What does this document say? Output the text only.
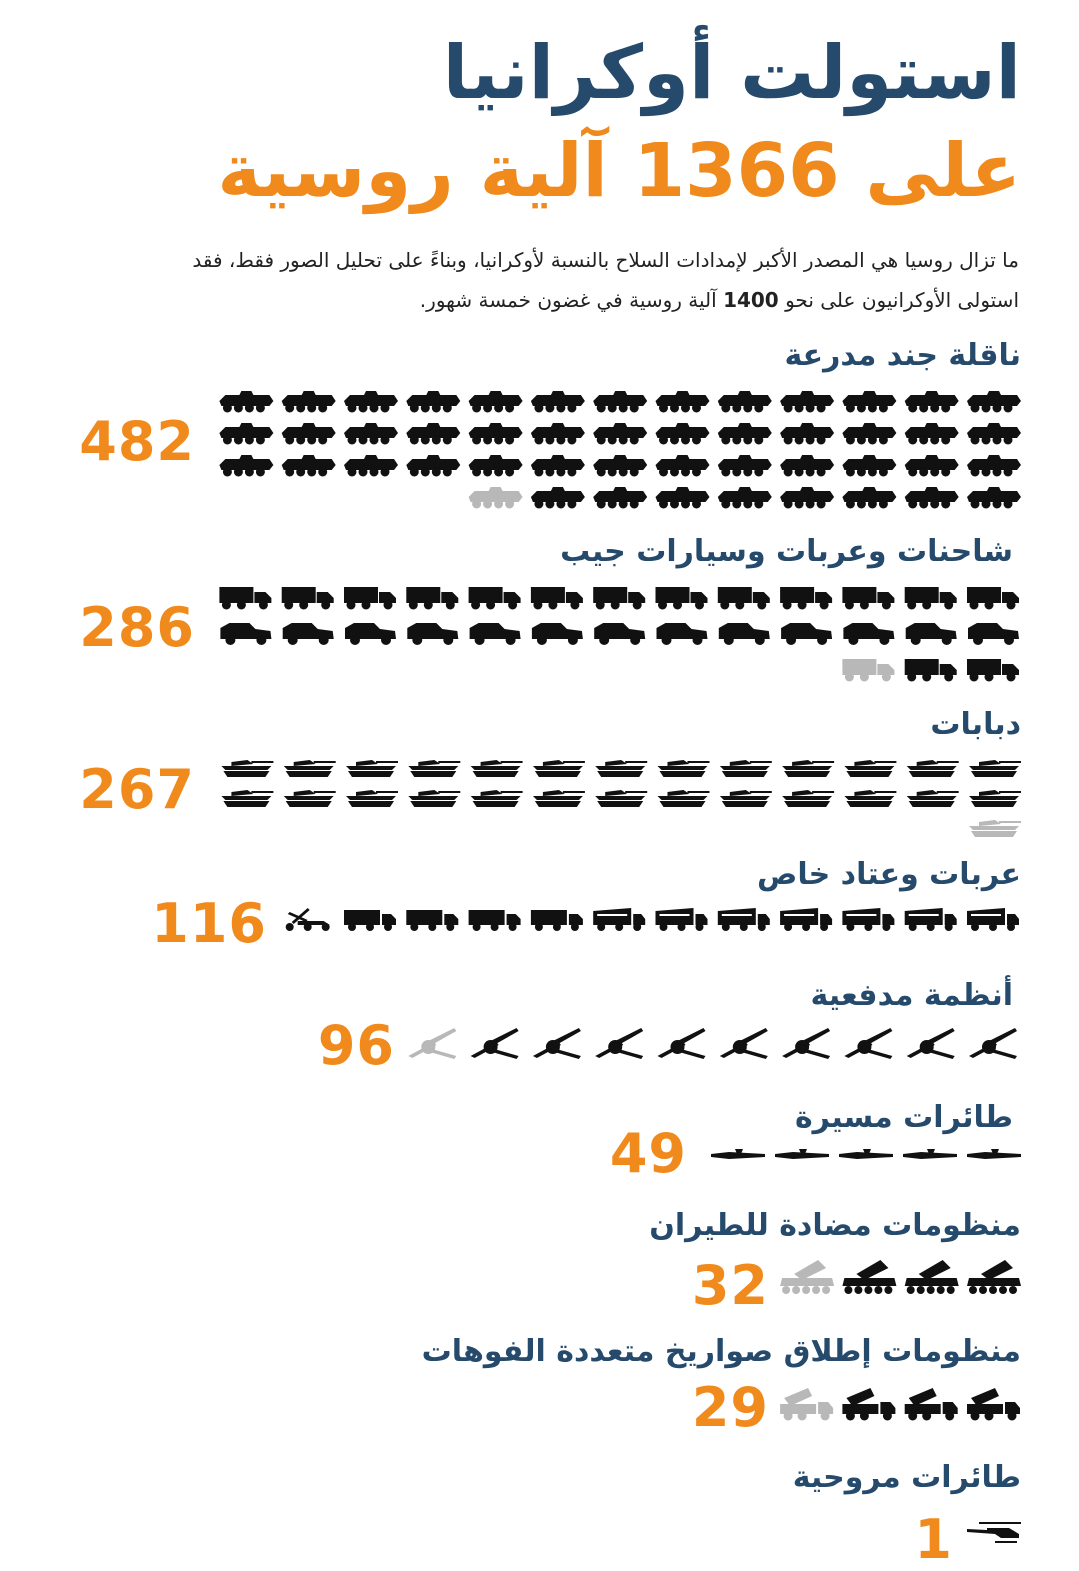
استولت أوكرانيا
على 1366 آلية روسية

ما تزال روسيا هي المصدر الأكبر لإمدادات السلاح بالنسبة لأوكرانيا، وبناءً على تحليل الصور فقط، فقد استولى الأوكرانيون على نحو 1400 آلية روسية في غضون خمسة شهور.

ناقلة جند مدرعة
482
شاحنات وعربات وسيارات جيب
286
دبابات
267
عربات وعتاد خاص
116
أنظمة مدفعية
96
طائرات مسيرة
49
منظومات مضادة للطيران
32
منظومات إطلاق صواريخ متعددة الفوهات
29
طائرات مروحية
1
